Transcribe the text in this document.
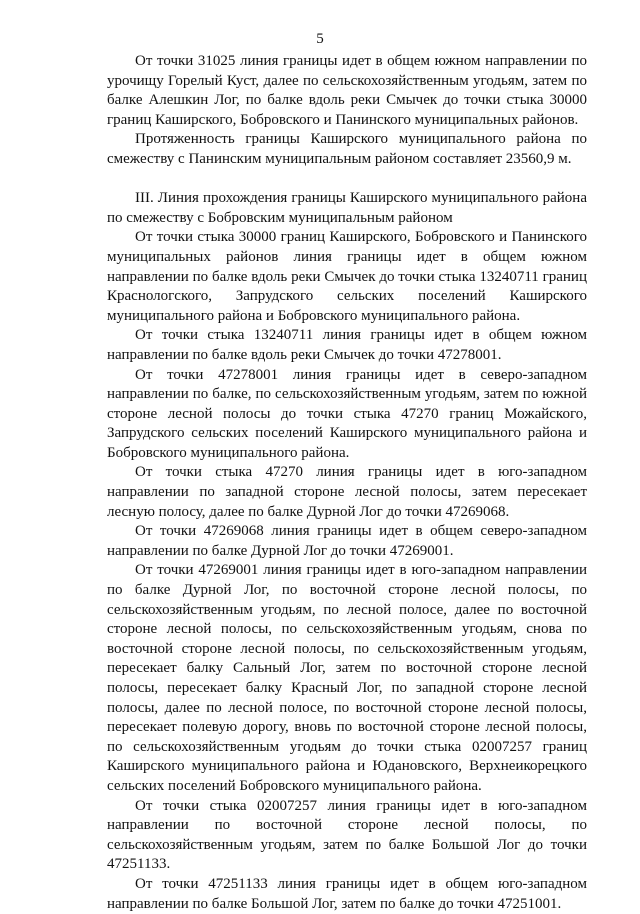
5

От точки 31025 линия границы идет в общем южном направлении по урочищу Горелый Куст, далее по сельскохозяйственным угодьям, затем по балке Алешкин Лог, по балке вдоль реки Смычек до точки стыка 30000 границ Каширского, Бобровского и Панинского муниципальных районов.

Протяженность границы Каширского муниципального района по смежеству с Панинским муниципальным районом составляет 23560,9 м.

III. Линия прохождения границы Каширского муниципального района по смежеству с Бобровским муниципальным районом

От точки стыка 30000 границ Каширского, Бобровского и Панинского муниципальных районов линия границы идет в общем южном направлении по балке вдоль реки Смычек до точки стыка 13240711 границ Краснологского, Запрудского сельских поселений Каширского муниципального района и Бобровского муниципального района.

От точки стыка 13240711 линия границы идет в общем южном направлении по балке вдоль реки Смычек до точки 47278001.

От точки 47278001 линия границы идет в северо-западном направлении по балке, по сельскохозяйственным угодьям, затем по южной стороне лесной полосы до точки стыка 47270 границ Можайского, Запрудского сельских поселений Каширского муниципального района и Бобровского муниципального района.

От точки стыка 47270 линия границы идет в юго-западном направлении по западной стороне лесной полосы, затем пересекает лесную полосу, далее по балке Дурной Лог до точки 47269068.

От точки 47269068 линия границы идет в общем северо-западном направлении по балке Дурной Лог до точки 47269001.

От точки 47269001 линия границы идет в юго-западном направлении по балке Дурной Лог, по восточной стороне лесной полосы, по сельскохозяйственным угодьям, по лесной полосе, далее по восточной стороне лесной полосы, по сельскохозяйственным угодьям, снова по восточной стороне лесной полосы, по сельскохозяйственным угодьям, пересекает балку Сальный Лог, затем по восточной стороне лесной полосы, пересекает балку Красный Лог, по западной стороне лесной полосы, далее по лесной полосе, по восточной стороне лесной полосы, пересекает полевую дорогу, вновь по восточной стороне лесной полосы, по сельскохозяйственным угодьям до точки стыка 02007257 границ Каширского муниципального района и Юдановского, Верхнеикорецкого сельских поселений Бобровского муниципального района.

От точки стыка 02007257 линия границы идет в юго-западном направлении по восточной стороне лесной полосы, по сельскохозяйственным угодьям, затем по балке Большой Лог до точки 47251133.

От точки 47251133 линия границы идет в общем юго-западном направлении по балке Большой Лог, затем по балке до точки 47251001.
